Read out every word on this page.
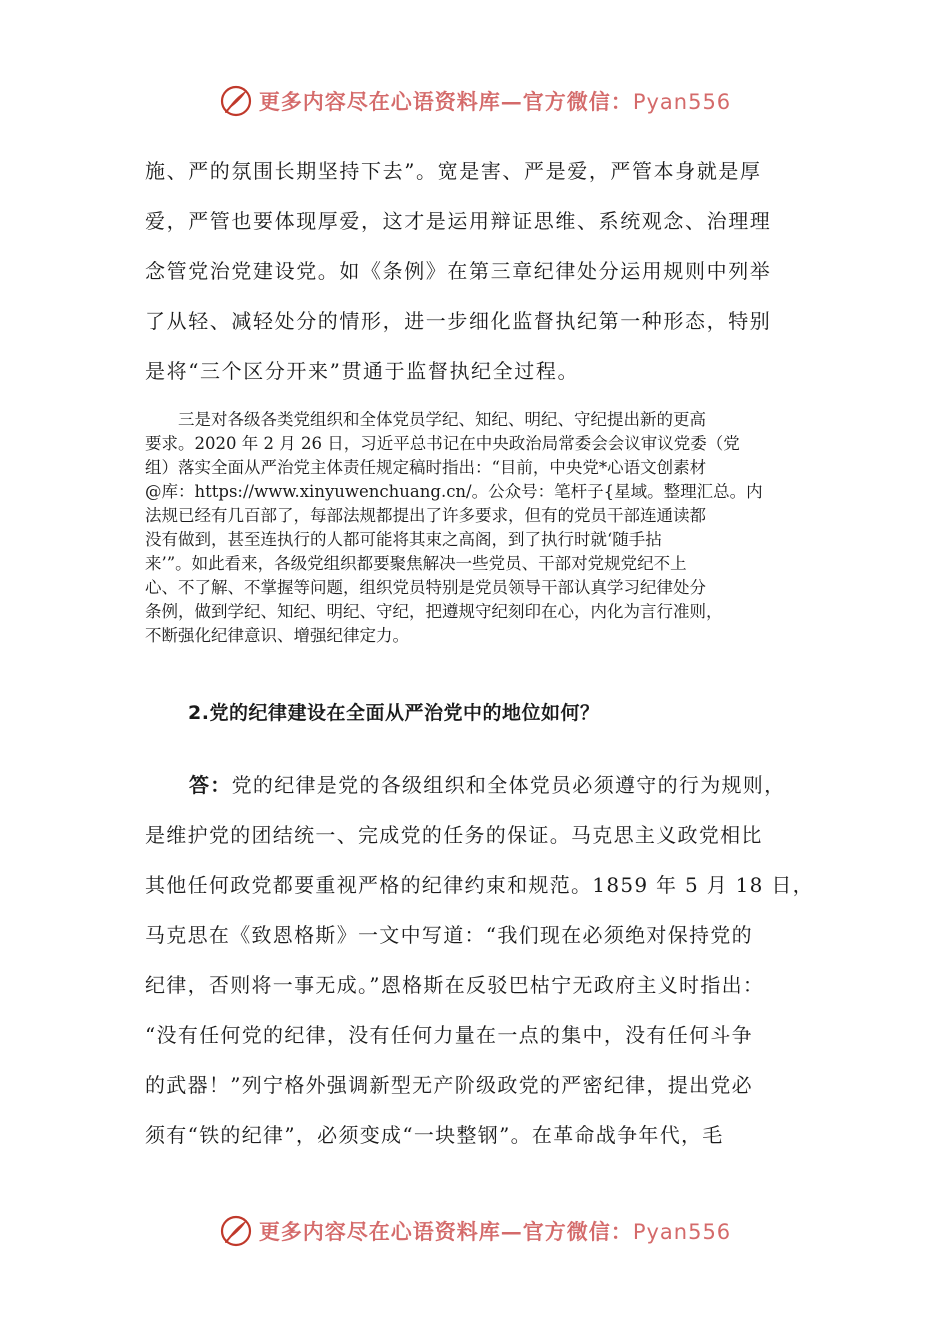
更多内容尽在心语资料库—官方微信：Pyan556
施、严的氛围长期坚持下去”。宽是害、严是爱，严管本身就是厚
爱，严管也要体现厚爱，这才是运用辩证思维、系统观念、治理理
念管党治党建设党。如《条例》在第三章纪律处分运用规则中列举
了从轻、减轻处分的情形，进一步细化监督执纪第一种形态，特别
是将“三个区分开来”贯通于监督执纪全过程。
　　三是对各级各类党组织和全体党员学纪、知纪、明纪、守纪提出新的更高
要求。2020 年 2 月 26 日，习近平总书记在中央政治局常委会会议审议党委（党
组）落实全面从严治党主体责任规定稿时指出：“目前，中央党*心语文创素材
@库：https://www.xinyuwenchuang.cn/。公众号：笔杆子{星域。整理汇总。内
法规已经有几百部了，每部法规都提出了许多要求，但有的党员干部连通读都
没有做到，甚至连执行的人都可能将其束之高阁，到了执行时就‘随手拈
来’”。如此看来，各级党组织都要聚焦解决一些党员、干部对党规党纪不上
心、不了解、不掌握等问题，组织党员特别是党员领导干部认真学习纪律处分
条例，做到学纪、知纪、明纪、守纪，把遵规守纪刻印在心，内化为言行准则，
不断强化纪律意识、增强纪律定力。
2.党的纪律建设在全面从严治党中的地位如何？
答：党的纪律是党的各级组织和全体党员必须遵守的行为规则，
是维护党的团结统一、完成党的任务的保证。马克思主义政党相比
其他任何政党都要重视严格的纪律约束和规范。1859 年 5 月 18 日，
马克思在《致恩格斯》一文中写道：“我们现在必须绝对保持党的
纪律，否则将一事无成。”恩格斯在反驳巴枯宁无政府主义时指出：
“没有任何党的纪律，没有任何力量在一点的集中，没有任何斗争
的武器！”列宁格外强调新型无产阶级政党的严密纪律，提出党必
须有“铁的纪律”，必须变成“一块整钢”。在革命战争年代，毛
更多内容尽在心语资料库—官方微信：Pyan556
